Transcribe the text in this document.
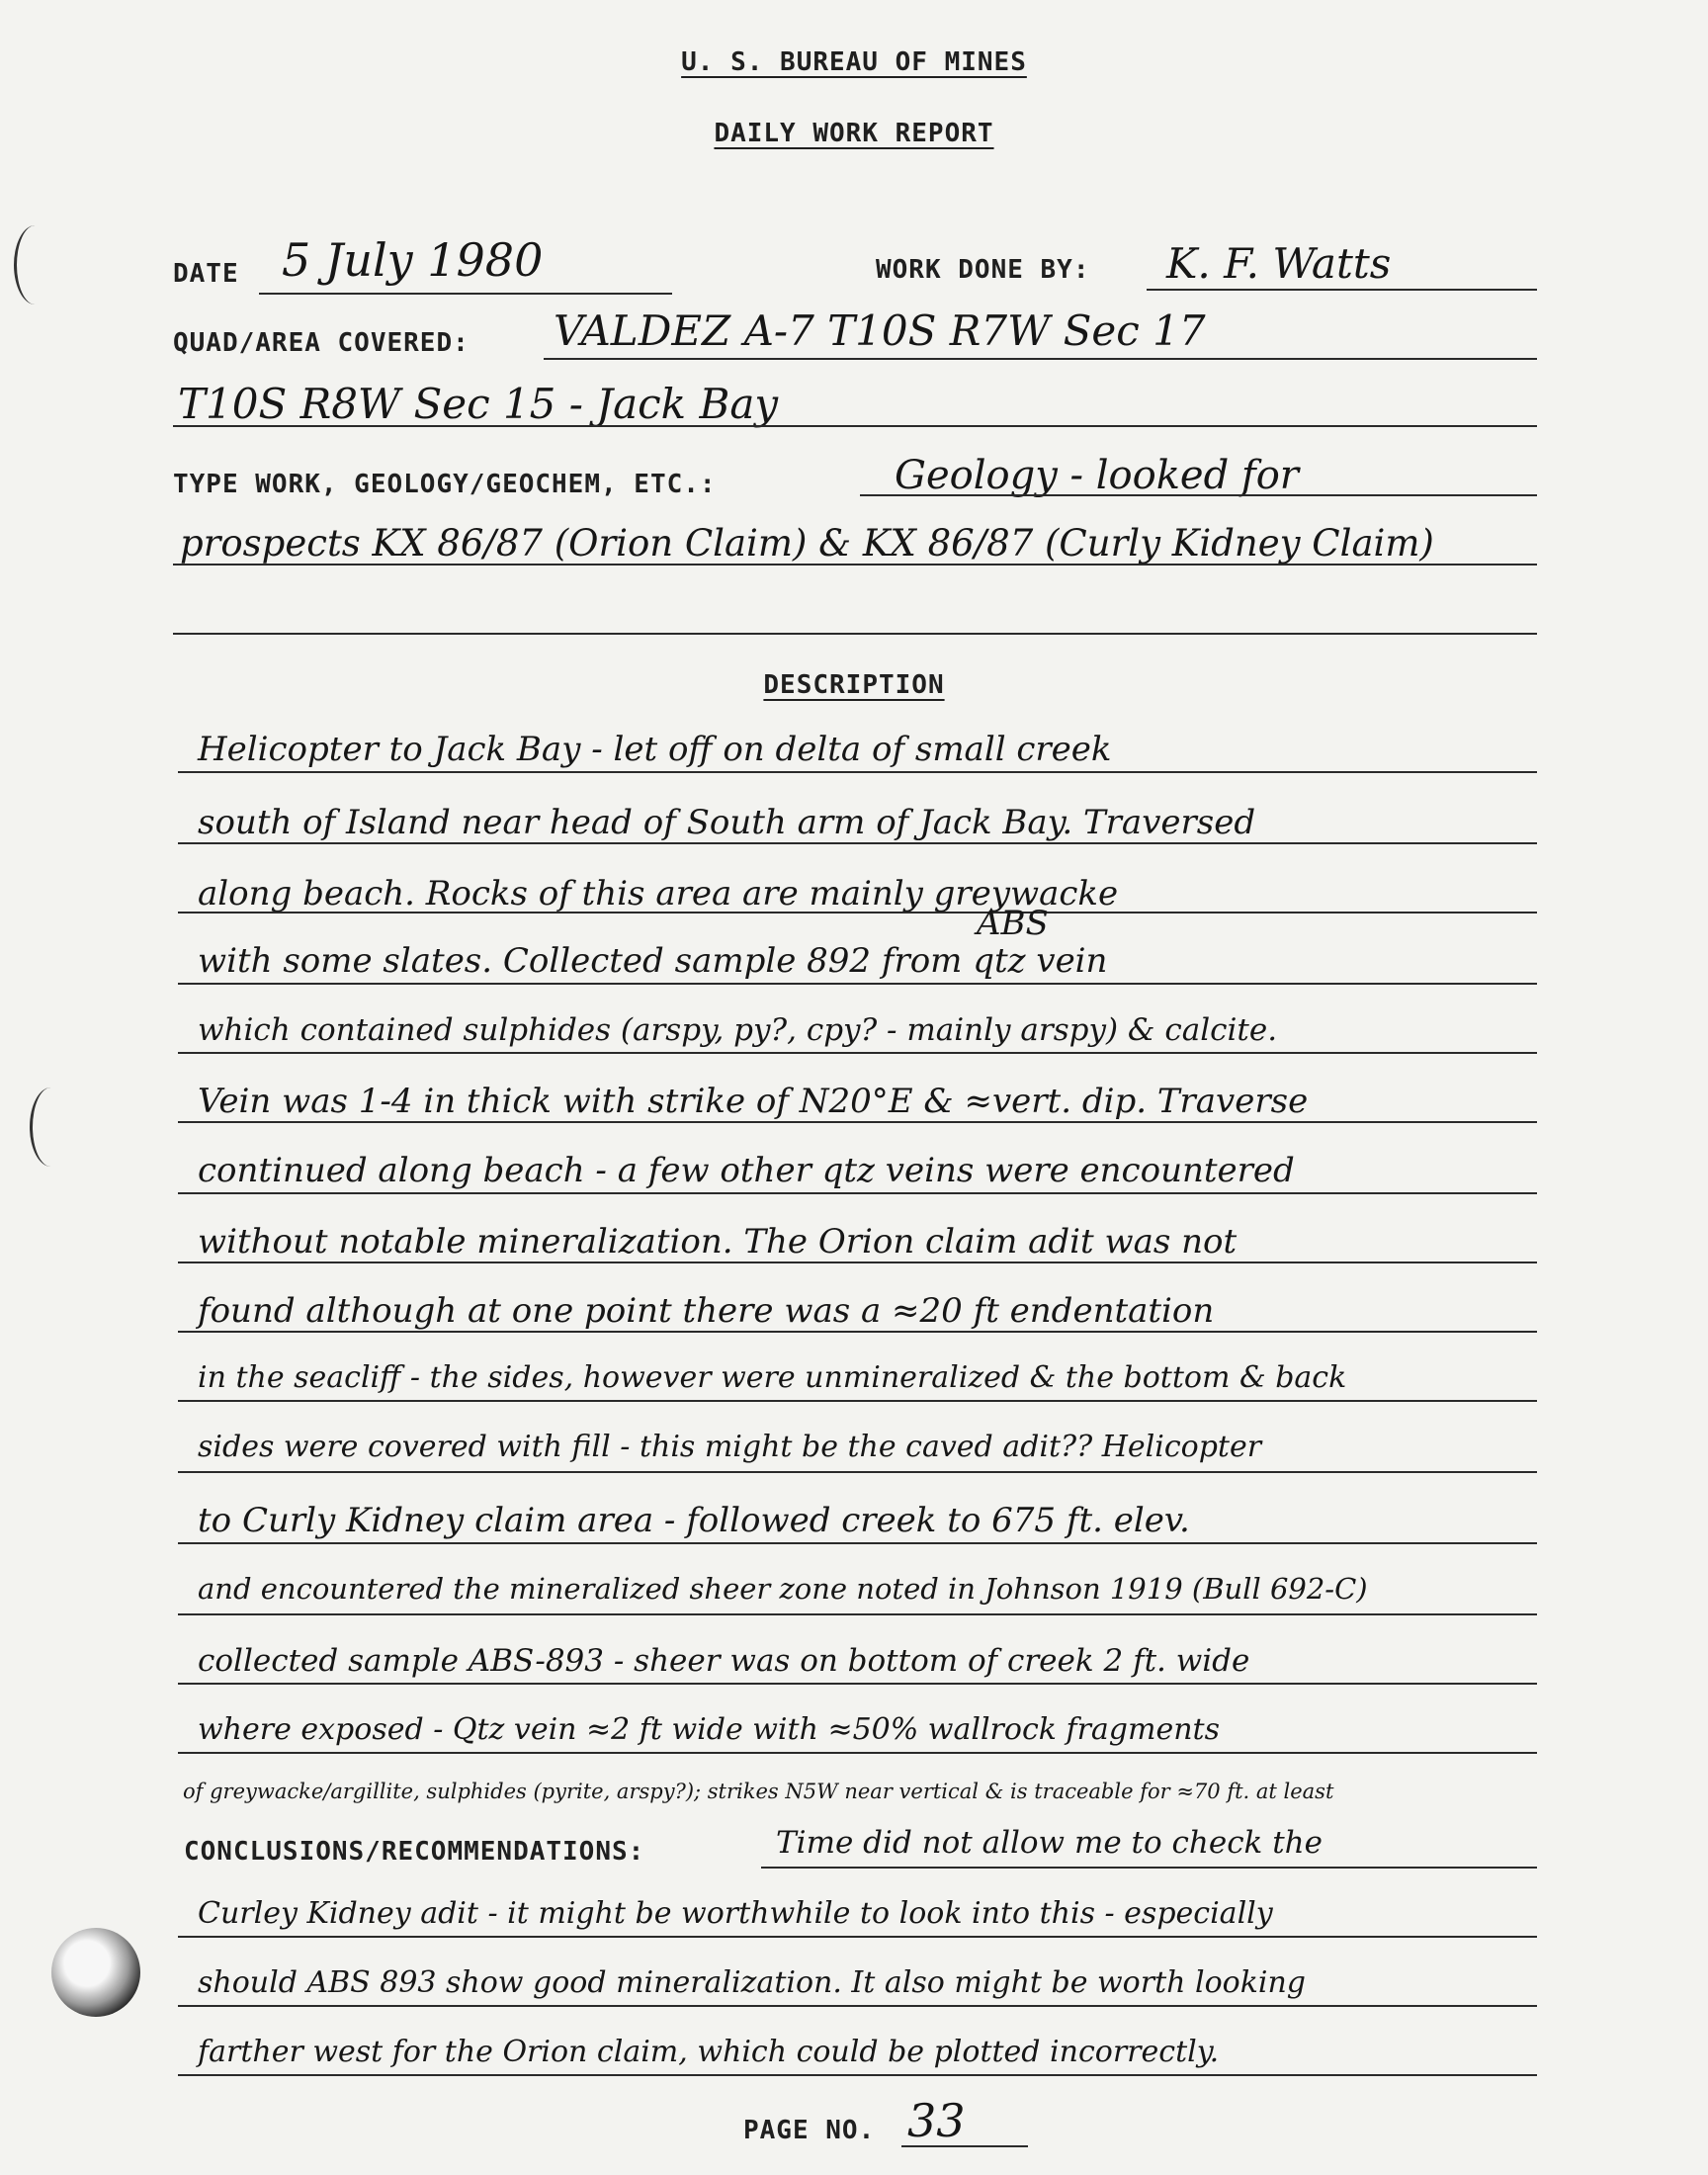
U. S. BUREAU OF MINES
DAILY WORK REPORT
DATE 5 July 1980	WORK DONE BY: K. F. Watts
QUAD/AREA COVERED: VALDEZ A-7 T10S R7W Sec 17
T10S R8W Sec 15 - Jack Bay
TYPE WORK, GEOLOGY/GEOCHEM, ETC.:	Geology - looked for
prospects KX 86/87 (Orion Claim) & KX 86/87 (Curly Kidney Claim)
DESCRIPTION
Helicopter to Jack Bay - let off on delta of small creek
south of Island near head of South arm of Jack Bay. Traversed
along beach. Rocks of this area are mainly greywacke
ABS
with some slates. Collected sample 892 from qtz vein
which contained sulphides (arspy, py?, cpy? - mainly arspy) & calcite.
Vein was 1-4 in thick with strike of N20°E & ≈vert. dip. Traverse
continued along beach - a few other qtz veins were encountered
without notable mineralization. The Orion claim adit was not
found although at one point there was a ≈20 ft endentation
in the seacliff - the sides, however were unmineralized & the bottom & back
sides were covered with fill - this might be the caved adit?? Helicopter
to Curly Kidney claim area - followed creek to 675 ft. elev.
and encountered the mineralized sheer zone noted in Johnson 1919 (Bull 692-C)
collected sample ABS-893 - sheer was on bottom of creek 2 ft. wide
where exposed - Qtz vein ≈2 ft wide with ≈50% wallrock fragments
of greywacke/argillite, sulphides (pyrite, arspy?); strikes N5W near vertical & is traceable for ≈70 ft. at least
CONCLUSIONS/RECOMMENDATIONS:	Time did not allow me to check the
Curley Kidney adit - it might be worthwhile to look into this - especially
should ABS 893 show good mineralization. It also might be worth looking
farther west for the Orion claim, which could be plotted incorrectly.
PAGE NO. 33
